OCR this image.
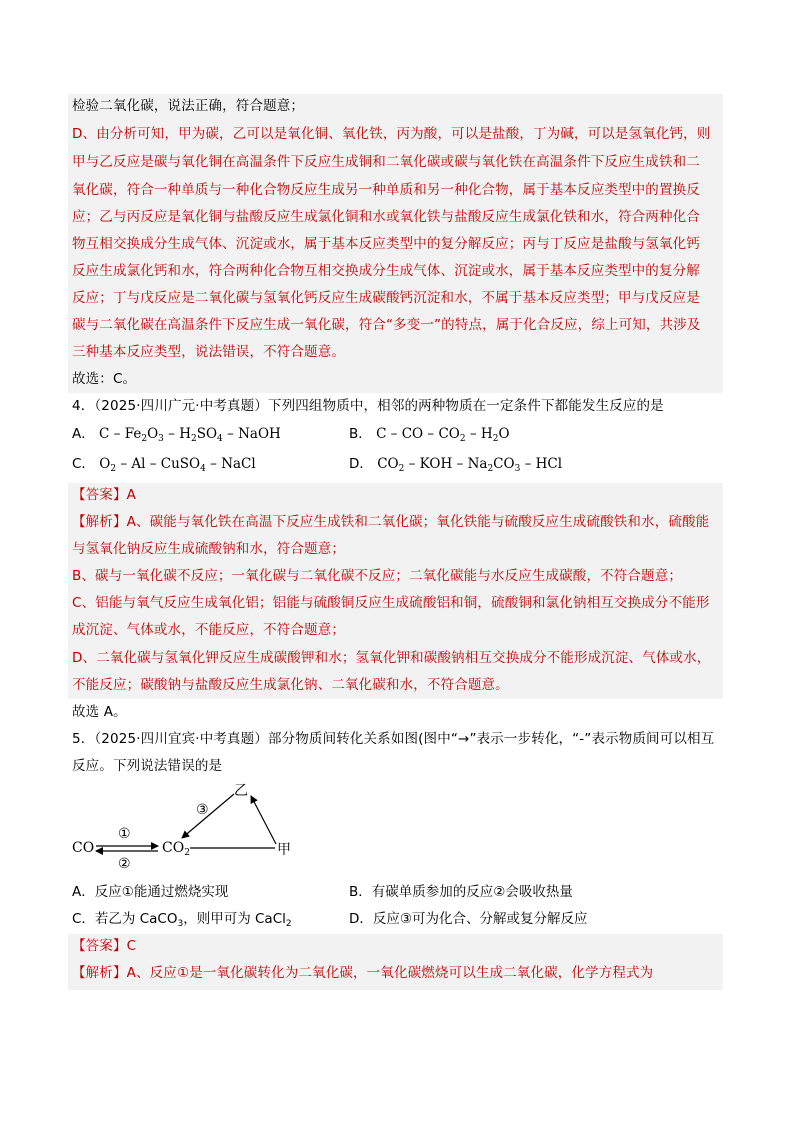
检验二氧化碳，说法正确，符合题意；
D、由分析可知，甲为碳，乙可以是氧化铜、氧化铁，丙为酸，可以是盐酸，丁为碱，可以是氢氧化钙，则
甲与乙反应是碳与氧化铜在高温条件下反应生成铜和二氧化碳或碳与氧化铁在高温条件下反应生成铁和二
氧化碳，符合一种单质与一种化合物反应生成另一种单质和另一种化合物，属于基本反应类型中的置换反
应；乙与丙反应是氧化铜与盐酸反应生成氯化铜和水或氧化铁与盐酸反应生成氯化铁和水，符合两种化合
物互相交换成分生成气体、沉淀或水，属于基本反应类型中的复分解反应；丙与丁反应是盐酸与氢氧化钙
反应生成氯化钙和水，符合两种化合物互相交换成分生成气体、沉淀或水，属于基本反应类型中的复分解
反应；丁与戊反应是二氧化碳与氢氧化钙反应生成碳酸钙沉淀和水，不属于基本反应类型；甲与戊反应是
碳与二氧化碳在高温条件下反应生成一氧化碳，符合“多变一”的特点，属于化合反应，综上可知，共涉及
三种基本反应类型，说法错误，不符合题意。
故选：C。
4．（2025·四川广元·中考真题）下列四组物质中，相邻的两种物质在一定条件下都能发生反应的是
A． C – $Fe_2O_3 - H_2SO_4$ – NaOH	B． C – CO – $CO_2 - H_2O$
C． $O_2$ – Al – CuSO$_4$ – NaCl	D． $CO_2$ – KOH – $Na_2CO_3$ – HCl
【答案】A
【解析】A、碳能与氧化铁在高温下反应生成铁和二氧化碳；氧化铁能与硫酸反应生成硫酸铁和水，硫酸能
与氢氧化钠反应生成硫酸钠和水，符合题意；
B、碳与一氧化碳不反应；一氧化碳与二氧化碳不反应；二氧化碳能与水反应生成碳酸，不符合题意；
C、铝能与氧气反应生成氧化铝；铝能与硫酸铜反应生成硫酸铝和铜，硫酸铜和氯化钠相互交换成分不能形
成沉淀、气体或水，不能反应，不符合题意；
D、二氧化碳与氢氧化钾反应生成碳酸钾和水；氢氧化钾和碳酸钠相互交换成分不能形成沉淀、气体或水，
不能反应；碳酸钠与盐酸反应生成氯化钠、二氧化碳和水，不符合题意。
故选 A。
5．（2025·四川宜宾·中考真题）部分物质间转化关系如图(图中“→”表示一步转化，“-”表示物质间可以相互
反应。下列说法错误的是
CO	$CO_2$
乙
甲
①
②
③
A．反应①能通过燃烧实现	B．有碳单质参加的反应②会吸收热量
C．若乙为 CaCO$_3$，则甲可为 CaCl$_2$	D．反应③可为化合、分解或复分解反应
【答案】C
【解析】A、反应①是一氧化碳转化为二氧化碳，一氧化碳燃烧可以生成二氧化碳，化学方程式为
